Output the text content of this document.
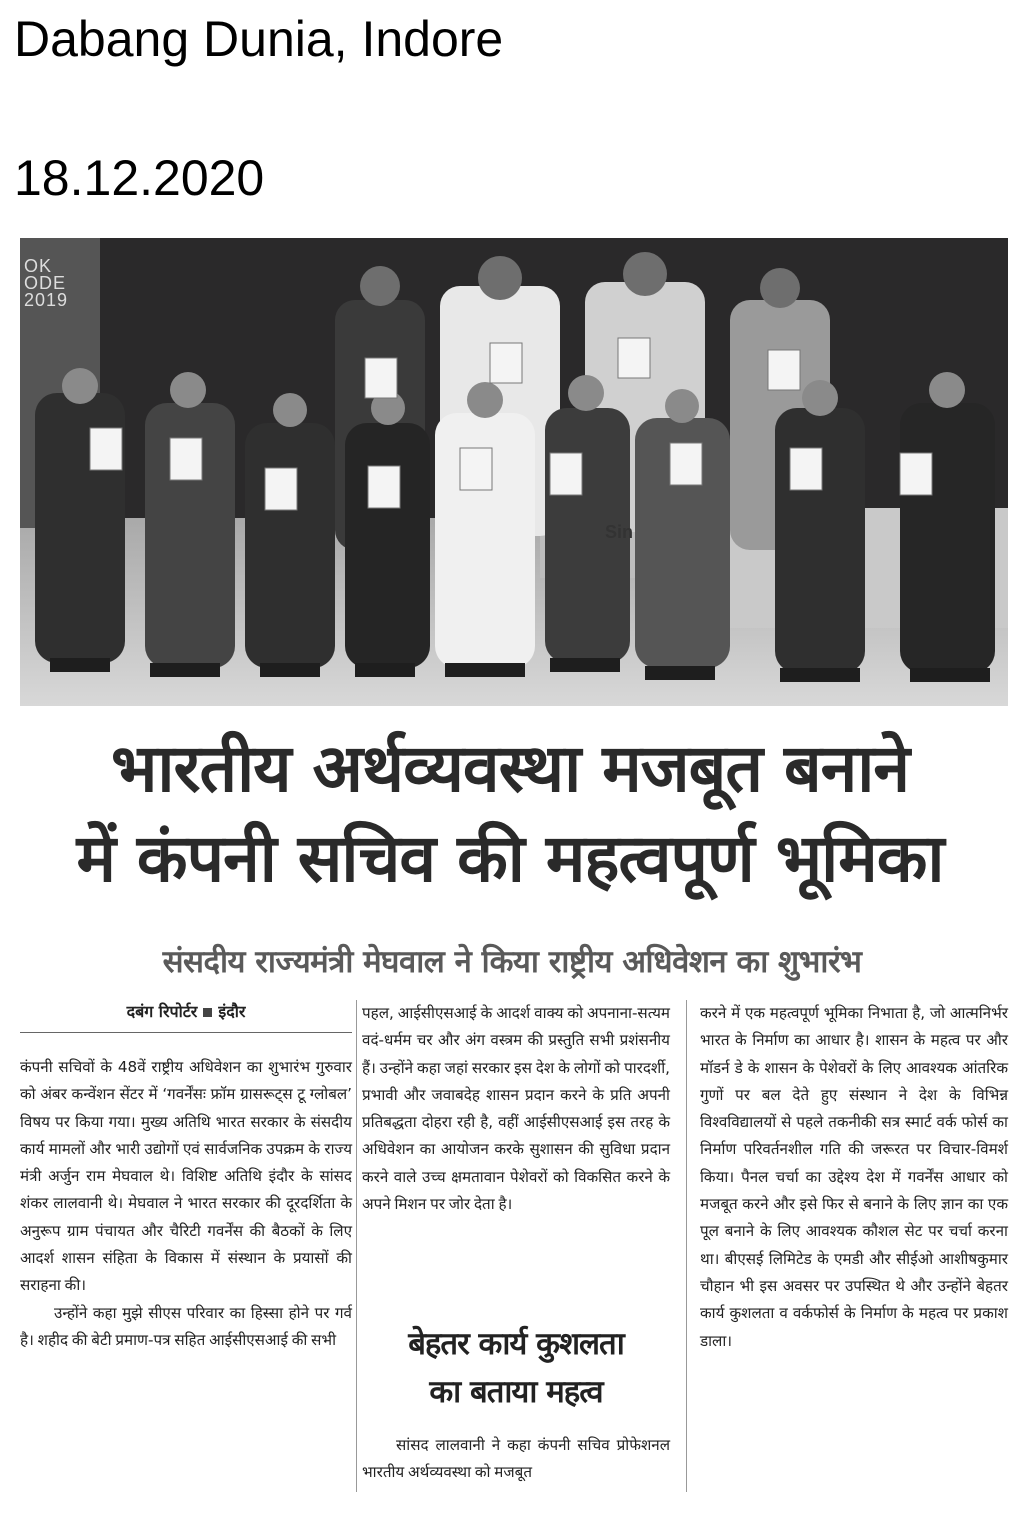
Dabang Dunia, Indore
18.12.2020
Sin
OK
ODE
2019
भारतीय अर्थव्यवस्था मजबूत बनाने
में कंपनी सचिव की महत्वपूर्ण भूमिका
संसदीय राज्यमंत्री मेघवाल ने किया राष्ट्रीय अधिवेशन का शुभारंभ
दबंग रिपोर्टर इंदौर

कंपनी सचिवों के 48वें राष्ट्रीय अधिवेशन का शुभारंभ गुरुवार को अंबर कन्वेंशन सेंटर में ‘गवर्नेंसः फ्रॉम ग्रासरूट्स टू ग्लोबल’ विषय पर किया गया। मुख्य अतिथि भारत सरकार के संसदीय कार्य मामलों और भारी उद्योगों एवं सार्वजनिक उपक्रम के राज्य मंत्री अर्जुन राम मेघवाल थे। विशिष्ट अतिथि इंदौर के सांसद शंकर लालवानी थे। मेघवाल ने भारत सरकार की दूरदर्शिता के अनुरूप ग्राम पंचायत और चैरिटी गवर्नेंस की बैठकों के लिए आदर्श शासन संहिता के विकास में संस्थान के प्रयासों की सराहना की।

उन्होंने कहा मुझे सीएस परिवार का हिस्सा होने पर गर्व है। शहीद की बेटी प्रमाण-पत्र सहित आईसीएसआई की सभी

पहल, आईसीएसआई के आदर्श वाक्य को अपनाना-सत्यम वदं-धर्मम चर और अंग वस्त्रम की प्रस्तुति सभी प्रशंसनीय हैं। उन्होंने कहा जहां सरकार इस देश के लोगों को पारदर्शी, प्रभावी और जवाबदेह शासन प्रदान करने के प्रति अपनी प्रतिबद्धता दोहरा रही है, वहीं आईसीएसआई इस तरह के अधिवेशन का आयोजन करके सुशासन की सुविधा प्रदान करने वाले उच्च क्षमतावान पेशेवरों को विकसित करने के अपने मिशन पर जोर देता है।

बेहतर कार्य कुशलता
का बताया महत्व
सांसद लालवानी ने कहा कंपनी सचिव प्रोफेशनल भारतीय अर्थव्यवस्था को मजबूत

करने में एक महत्वपूर्ण भूमिका निभाता है, जो आत्मनिर्भर भारत के निर्माण का आधार है। शासन के महत्व पर और मॉडर्न डे के शासन के पेशेवरों के लिए आवश्यक आंतरिक गुणों पर बल देते हुए संस्थान ने देश के विभिन्न विश्वविद्यालयों से पहले तकनीकी सत्र स्मार्ट वर्क फोर्स का निर्माण परिवर्तनशील गति की जरूरत पर विचार-विमर्श किया। पैनल चर्चा का उद्देश्य देश में गवर्नेंस आधार को मजबूत करने और इसे फिर से बनाने के लिए ज्ञान का एक पूल बनाने के लिए आवश्यक कौशल सेट पर चर्चा करना था। बीएसई लिमिटेड के एमडी और सीईओ आशीषकुमार चौहान भी इस अवसर पर उपस्थित थे और उन्होंने बेहतर कार्य कुशलता व वर्कफोर्स के निर्माण के महत्व पर प्रकाश डाला।
